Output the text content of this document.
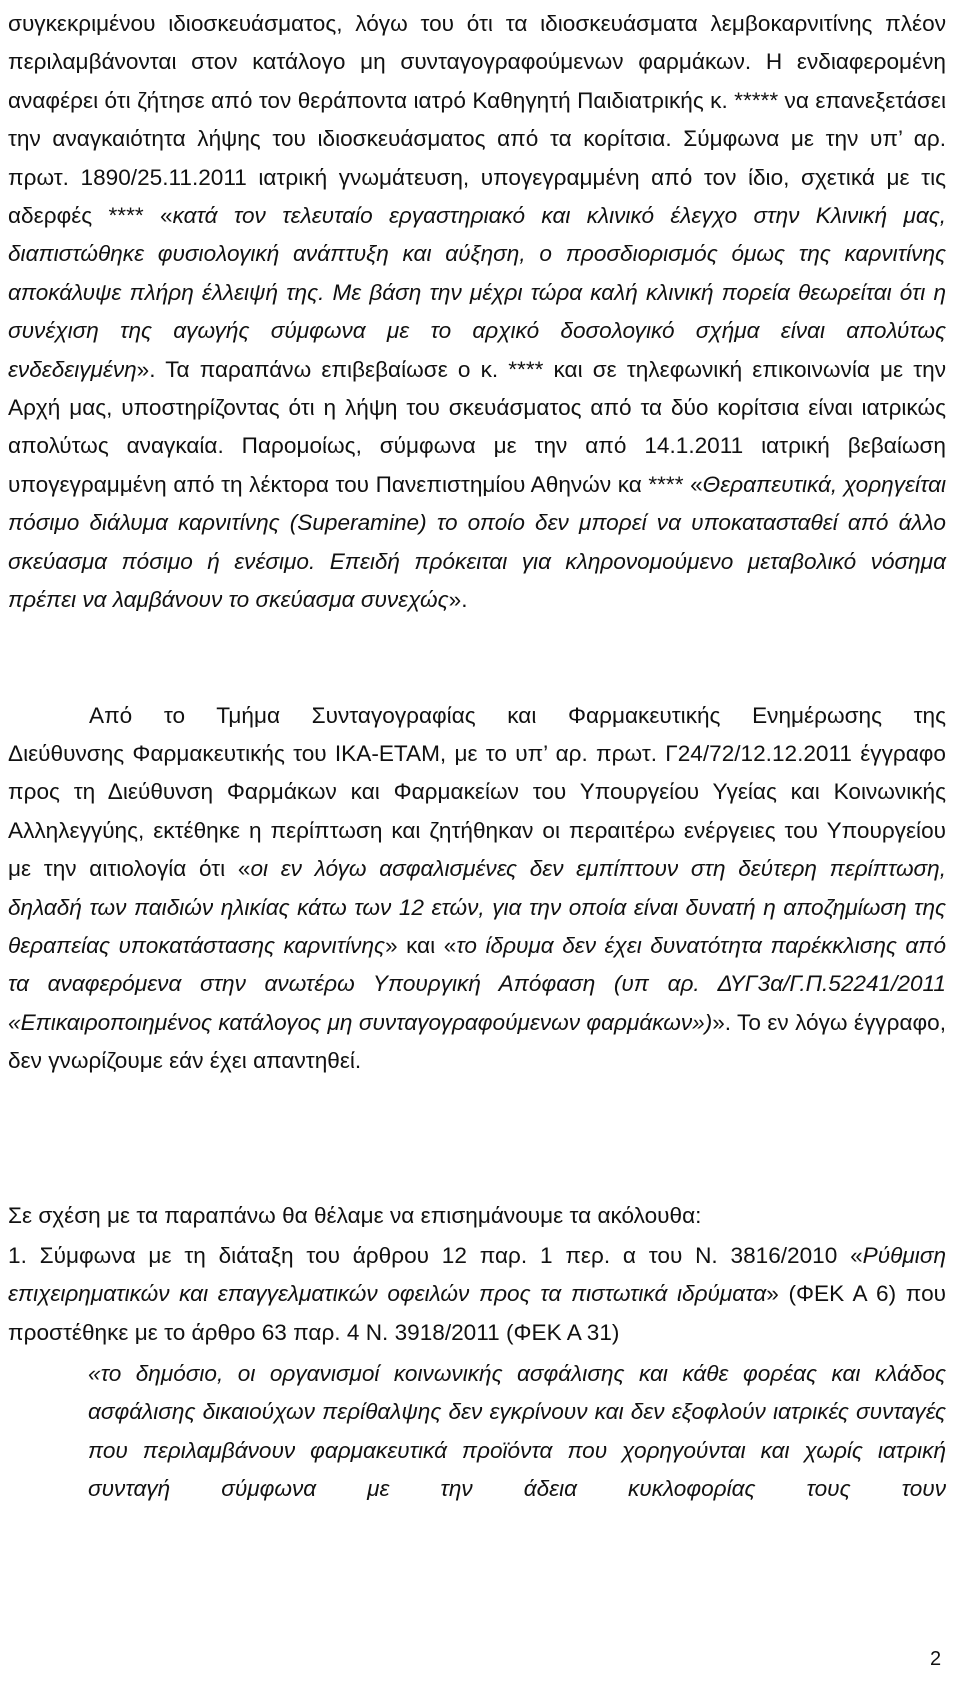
συγκεκριμένου ιδιοσκευάσματος, λόγω του ότι τα ιδιοσκευάσματα λεμβοκαρνιτίνης πλέον περιλαμβάνονται στον κατάλογο μη συνταγογραφούμενων φαρμάκων. Η ενδιαφερομένη αναφέρει ότι ζήτησε από τον θεράποντα ιατρό Καθηγητή Παιδιατρικής κ. ***** να επανεξετάσει την αναγκαιότητα λήψης του ιδιοσκευάσματος από τα κορίτσια. Σύμφωνα με την υπ’ αρ. πρωτ. 1890/25.11.2011 ιατρική γνωμάτευση, υπογεγραμμένη από τον ίδιο, σχετικά με τις αδερφές **** «κατά τον τελευταίο εργαστηριακό και κλινικό έλεγχο στην Κλινική μας, διαπιστώθηκε φυσιολογική ανάπτυξη και αύξηση, ο προσδιορισμός όμως της καρνιτίνης αποκάλυψε πλήρη έλλειψή της. Με βάση την μέχρι τώρα καλή κλινική πορεία θεωρείται ότι η συνέχιση της αγωγής σύμφωνα με το αρχικό δοσολογικό σχήμα είναι απολύτως ενδεδειγμένη». Τα παραπάνω επιβεβαίωσε ο κ. **** και σε τηλεφωνική επικοινωνία με την Αρχή μας, υποστηρίζοντας ότι η λήψη του σκευάσματος από τα δύο κορίτσια είναι ιατρικώς απολύτως αναγκαία. Παρομοίως, σύμφωνα με την από 14.1.2011 ιατρική βεβαίωση υπογεγραμμένη από τη λέκτορα του Πανεπιστημίου Αθηνών κα **** «Θεραπευτικά, χορηγείται πόσιμο διάλυμα καρνιτίνης (Superamine) το οποίο δεν μπορεί να υποκατασταθεί από άλλο σκεύασμα πόσιμο ή ενέσιμο. Επειδή πρόκειται για κληρονομούμενο μεταβολικό νόσημα πρέπει να λαμβάνουν το σκεύασμα συνεχώς».
Από το Τμήμα Συνταγογραφίας και Φαρμακευτικής Ενημέρωσης της
Διεύθυνσης Φαρμακευτικής του ΙΚΑ-ΕΤΑΜ, με το υπ’ αρ. πρωτ. Γ24/72/12.12.2011 έγγραφο προς τη Διεύθυνση Φαρμάκων και Φαρμακείων του Υπουργείου Υγείας και Κοινωνικής Αλληλεγγύης, εκτέθηκε η περίπτωση και ζητήθηκαν οι περαιτέρω ενέργειες του Υπουργείου με την αιτιολογία ότι «οι εν λόγω ασφαλισμένες δεν εμπίπτουν στη δεύτερη περίπτωση, δηλαδή των παιδιών ηλικίας κάτω των 12 ετών, για την οποία είναι δυνατή η αποζημίωση της θεραπείας υποκατάστασης καρνιτίνης» και «το ίδρυμα δεν έχει δυνατότητα παρέκκλισης από τα αναφερόμενα στην ανωτέρω Υπουργική Απόφαση (υπ αρ. ΔΥΓ3α/Γ.Π.52241/2011 «Επικαιροποιημένος κατάλογος μη συνταγογραφούμενων φαρμάκων»)». Το εν λόγω έγγραφο, δεν γνωρίζουμε εάν έχει απαντηθεί.
Σε σχέση με τα παραπάνω θα θέλαμε να επισημάνουμε τα ακόλουθα:
1. Σύμφωνα με τη διάταξη του άρθρου 12 παρ. 1 περ. α του Ν. 3816/2010 «Ρύθμιση επιχειρηματικών και επαγγελματικών οφειλών προς τα πιστωτικά ιδρύματα» (ΦΕΚ Α 6) που προστέθηκε με το άρθρο 63 παρ. 4 Ν. 3918/2011 (ΦΕΚ Α 31)
«το δημόσιο, οι οργανισμοί κοινωνικής ασφάλισης και κάθε φορέας και κλάδος ασφάλισης δικαιούχων περίθαλψης δεν εγκρίνουν και δεν εξοφλούν ιατρικές συνταγές που περιλαμβάνουν φαρμακευτικά προϊόντα που χορηγούνται και χωρίς ιατρική συνταγή σύμφωνα με την άδεια κυκλοφορίας τους τουν
2
